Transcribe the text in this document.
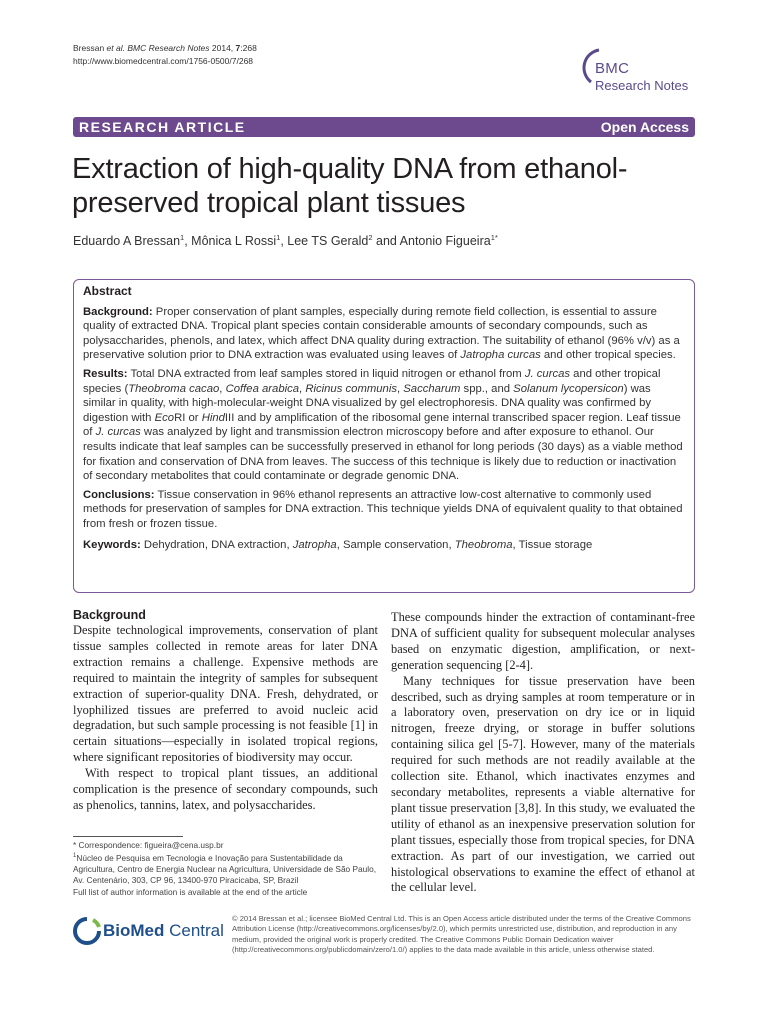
Bressan et al. BMC Research Notes 2014, 7:268
http://www.biomedcentral.com/1756-0500/7/268	BMC
Research Notes
RESEARCH ARTICLE	Open Access
Extraction of high-quality DNA from ethanol-preserved tropical plant tissues
Eduardo A Bressan$^1$, Mônica L Rossi$^1$, Lee TS Gerald$^2$ and Antonio Figueira$^{1*}$
Abstract

Background: Proper conservation of plant samples, especially during remote field collection, is essential to assure quality of extracted DNA. Tropical plant species contain considerable amounts of secondary compounds, such as polysaccharides, phenols, and latex, which affect DNA quality during extraction. The suitability of ethanol (96% v/v) as a preservative solution prior to DNA extraction was evaluated using leaves of Jatropha curcas and other tropical species.

Results: Total DNA extracted from leaf samples stored in liquid nitrogen or ethanol from J. curcas and other tropical species (Theobroma cacao, Coffea arabica, Ricinus communis, Saccharum spp., and Solanum lycopersicon) was similar in quality, with high-molecular-weight DNA visualized by gel electrophoresis. DNA quality was confirmed by digestion with EcoRI or HindIII and by amplification of the ribosomal gene internal transcribed spacer region. Leaf tissue of J. curcas was analyzed by light and transmission electron microscopy before and after exposure to ethanol. Our results indicate that leaf samples can be successfully preserved in ethanol for long periods (30 days) as a viable method for fixation and conservation of DNA from leaves. The success of this technique is likely due to reduction or inactivation of secondary metabolites that could contaminate or degrade genomic DNA.

Conclusions: Tissue conservation in 96% ethanol represents an attractive low-cost alternative to commonly used methods for preservation of samples for DNA extraction. This technique yields DNA of equivalent quality to that obtained from fresh or frozen tissue.

Keywords: Dehydration, DNA extraction, Jatropha, Sample conservation, Theobroma, Tissue storage

Background

Despite technological improvements, conservation of plant tissue samples collected in remote areas for later DNA extraction remains a challenge. Expensive methods are required to maintain the integrity of samples for subsequent extraction of superior-quality DNA. Fresh, dehydrated, or lyophilized tissues are preferred to avoid nucleic acid degradation, but such sample processing is not feasible [1] in certain situations—especially in isolated tropical regions, where significant repositories of biodiversity may occur.

With respect to tropical plant tissues, an additional complication is the presence of secondary compounds, such as phenolics, tannins, latex, and polysaccharides.

These compounds hinder the extraction of contaminant-free DNA of sufficient quality for subsequent molecular analyses based on enzymatic digestion, amplification, or next-generation sequencing [2-4].

Many techniques for tissue preservation have been described, such as drying samples at room temperature or in a laboratory oven, preservation on dry ice or in liquid nitrogen, freeze drying, or storage in buffer solutions containing silica gel [5-7]. However, many of the materials required for such methods are not readily available at the collection site. Ethanol, which inactivates enzymes and secondary metabolites, represents a viable alternative for plant tissue preservation [3,8]. In this study, we evaluated the utility of ethanol as an inexpensive preservation solution for plant tissues, especially those from tropical species, for DNA extraction. As part of our investigation, we carried out histological observations to examine the effect of ethanol at the cellular level.

* Correspondence: figueira@cena.usp.br
$^1$Núcleo de Pesquisa em Tecnologia e Inovação para Sustentabilidade da Agricultura, Centro de Energia Nuclear na Agricultura, Universidade de São Paulo, Av. Centenário, 303, CP 96, 13400-970 Piracicaba, SP, Brazil
Full list of author information is available at the end of the article
BioMed Central
© 2014 Bressan et al.; licensee BioMed Central Ltd. This is an Open Access article distributed under the terms of the Creative Commons Attribution License (http://creativecommons.org/licenses/by/2.0), which permits unrestricted use, distribution, and reproduction in any medium, provided the original work is properly credited. The Creative Commons Public Domain Dedication waiver (http://creativecommons.org/publicdomain/zero/1.0/) applies to the data made available in this article, unless otherwise stated.
